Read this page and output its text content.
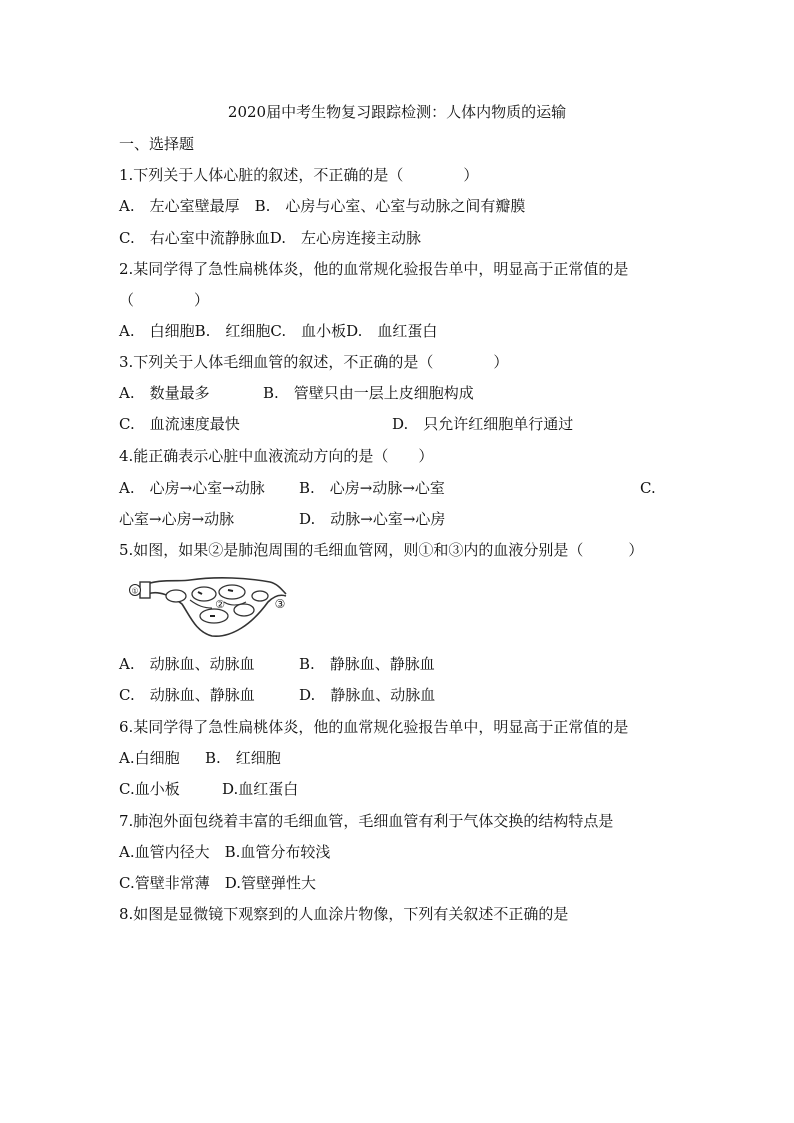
2020届中考生物复习跟踪检测：人体内物质的运输
一、选择题
1.下列关于人体心脏的叙述，不正确的是（　　　　）
A.　左心室壁最厚　B.　心房与心室、心室与动脉之间有瓣膜
C.　右心室中流静脉血D.　左心房连接主动脉
2.某同学得了急性扁桃体炎，他的血常规化验报告单中，明显高于正常值的是
（　　　　）
A.　白细胞B.　红细胞C.　血小板D.　血红蛋白
3.下列关于人体毛细血管的叙述，不正确的是（　　　　）
A.　数量最多	B.　管壁只由一层上皮细胞构成
C.　血流速度最快	D.　只允许红细胞单行通过
4.能正确表示心脏中血液流动方向的是（　　）
A.　心房→心室→动脉 B.　心房→动脉→心室	C.
心室→心房→动脉	D.　动脉→心室→心房
5.如图，如果②是肺泡周围的毛细血管网，则①和③内的血液分别是（　　　）
①
②	③
A.　动脉血、动脉血	B.　静脉血、静脉血
C.　动脉血、静脉血	D.　静脉血、动脉血
6.某同学得了急性扁桃体炎，他的血常规化验报告单中，明显高于正常值的是
A.白细胞 B.　红细胞
C.血小板	D.血红蛋白
7.肺泡外面包绕着丰富的毛细血管，毛细血管有利于气体交换的结构特点是
A.血管内径大　B.血管分布较浅
C.管壁非常薄　D.管壁弹性大
8.如图是显微镜下观察到的人血涂片物像，下列有关叙述不正确的是
